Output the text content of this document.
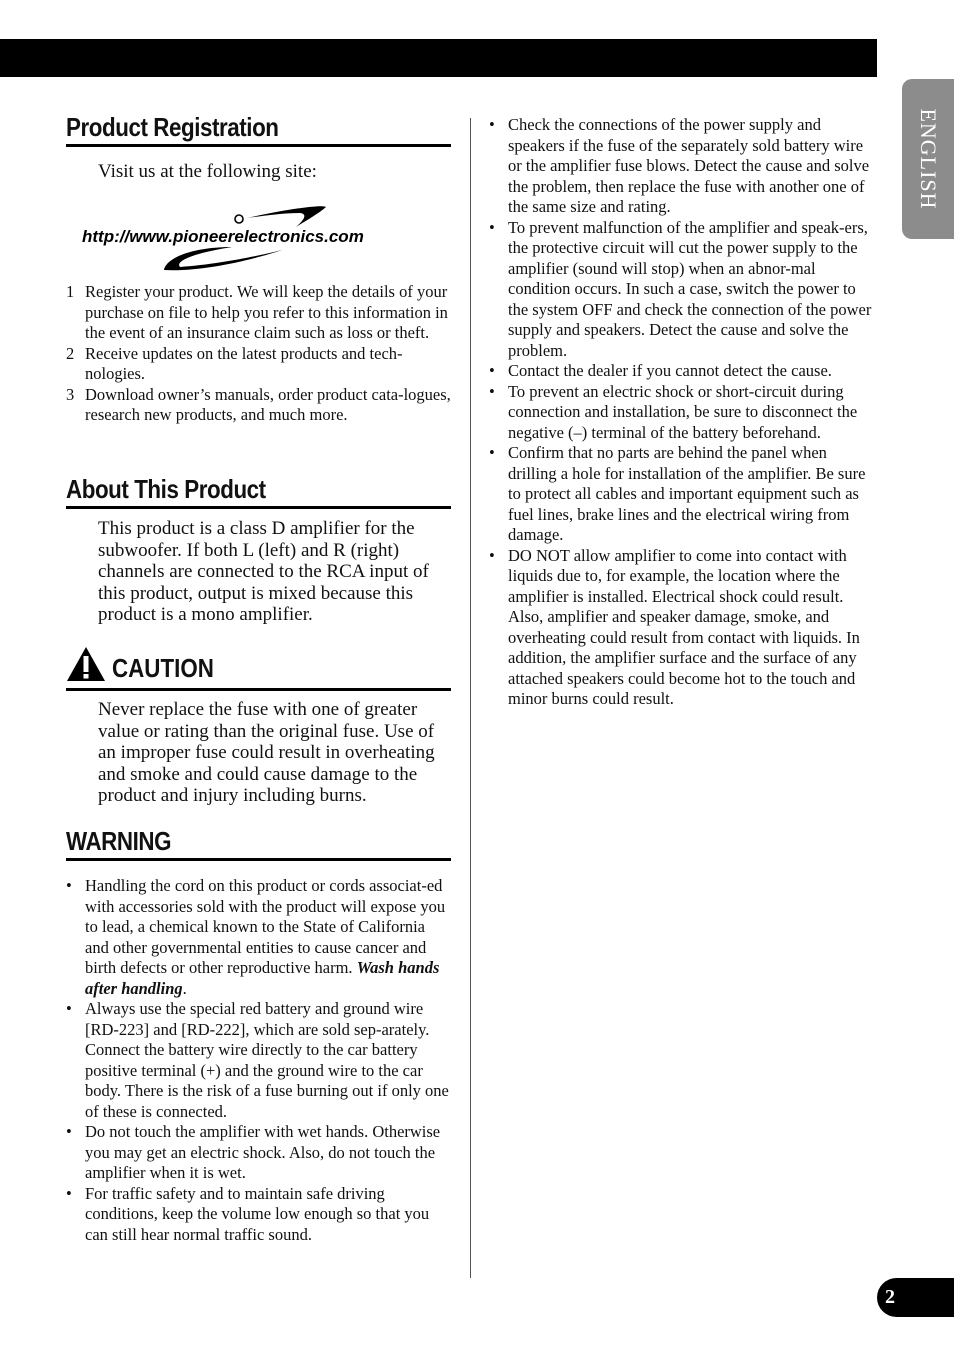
ENGLISH
Product Registration
Visit us at the following site:
http://www.pioneerelectronics.com
1 Register your product. We will keep the details of your purchase on file to help you refer to this information in the event of an insurance claim such as loss or theft.
2 Receive updates on the latest products and tech-nologies.
3 Download owner’s manuals, order product cata-logues, research new products, and much more.
About This Product
This product is a class D amplifier for the subwoofer. If both L (left) and R (right) channels are connected to the RCA input of this product, output is mixed because this product is a mono amplifier.
CAUTION
Never replace the fuse with one of greater value or rating than the original fuse. Use of an improper fuse could result in overheating and smoke and could cause damage to the product and injury including burns.
WARNING
• Handling the cord on this product or cords associat-ed with accessories sold with the product will expose you to lead, a chemical known to the State of California and other governmental entities to cause cancer and birth defects or other reproductive harm. Wash hands after handling.
• Always use the special red battery and ground wire [RD-223] and [RD-222], which are sold sep-arately. Connect the battery wire directly to the car battery positive terminal (+) and the ground wire to the car body. There is the risk of a fuse burning out if only one of these is connected.
• Do not touch the amplifier with wet hands. Otherwise you may get an electric shock. Also, do not touch the amplifier when it is wet.
• For traffic safety and to maintain safe driving conditions, keep the volume low enough so that you can still hear normal traffic sound.
• Check the connections of the power supply and speakers if the fuse of the separately sold battery wire or the amplifier fuse blows. Detect the cause and solve the problem, then replace the fuse with another one of the same size and rating.
• To prevent malfunction of the amplifier and speak-ers, the protective circuit will cut the power supply to the amplifier (sound will stop) when an abnor-mal condition occurs. In such a case, switch the power to the system OFF and check the connection of the power supply and speakers. Detect the cause and solve the problem.
• Contact the dealer if you cannot detect the cause.
• To prevent an electric shock or short-circuit during connection and installation, be sure to disconnect the negative (–) terminal of the battery beforehand.
• Confirm that no parts are behind the panel when drilling a hole for installation of the amplifier. Be sure to protect all cables and important equipment such as fuel lines, brake lines and the electrical wiring from damage.
• DO NOT allow amplifier to come into contact with liquids due to, for example, the location where the amplifier is installed. Electrical shock could result. Also, amplifier and speaker damage, smoke, and overheating could result from contact with liquids. In addition, the amplifier surface and the surface of any attached speakers could become hot to the touch and minor burns could result.
2
